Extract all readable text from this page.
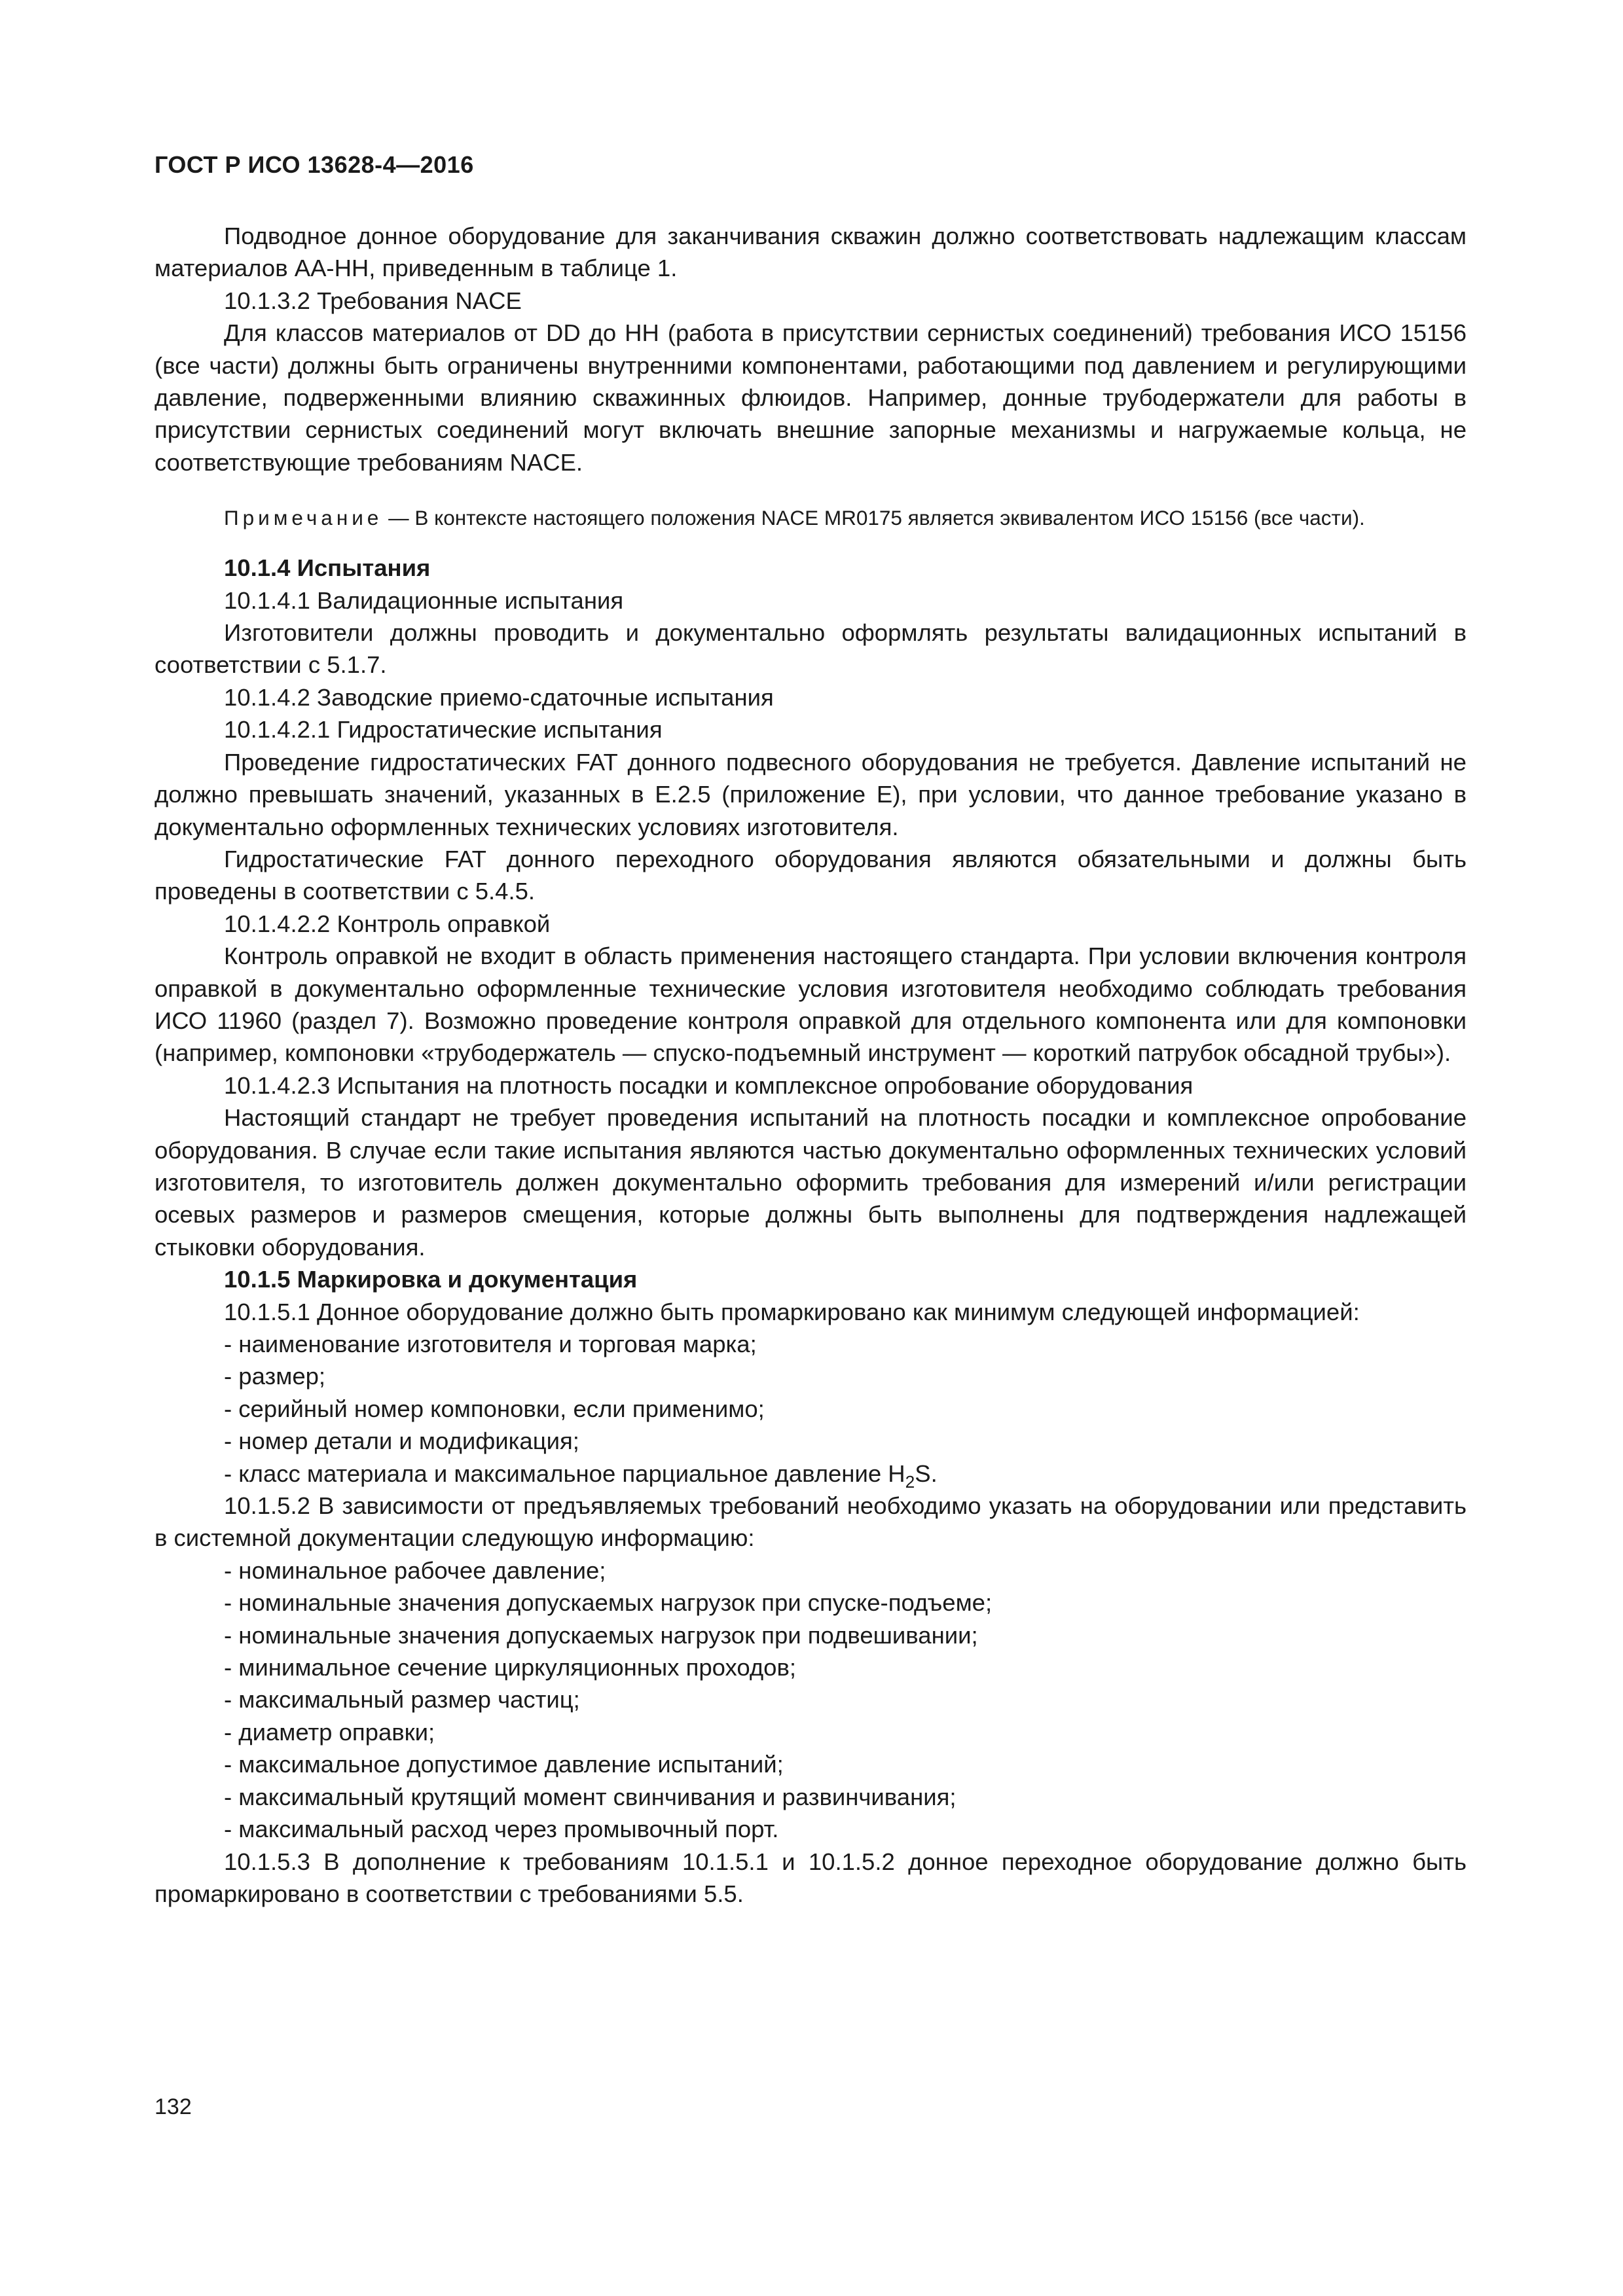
ГОСТ Р ИСО 13628-4—2016

Подводное донное оборудование для заканчивания скважин должно соответствовать надлежащим классам материалов АА-НН, приведенным в таблице 1.

10.1.3.2 Требования NACE

Для классов материалов от DD до НН (работа в присутствии сернистых соединений) требования ИСО 15156 (все части) должны быть ограничены внутренними компонентами, работающими под давлением и регулирующими давление, подверженными влиянию скважинных флюидов. Например, донные трубодержатели для работы в присутствии сернистых соединений могут включать внешние запорные механизмы и нагружаемые кольца, не соответствующие требованиям NACE.

Примечание — В контексте настоящего положения NACE MR0175 является эквивалентом ИСО 15156 (все части).

10.1.4 Испытания

10.1.4.1 Валидационные испытания

Изготовители должны проводить и документально оформлять результаты валидационных испытаний в соответствии с 5.1.7.

10.1.4.2 Заводские приемо-сдаточные испытания

10.1.4.2.1 Гидростатические испытания

Проведение гидростатических FAT донного подвесного оборудования не требуется. Давление испытаний не должно превышать значений, указанных в Е.2.5 (приложение Е), при условии, что данное требование указано в документально оформленных технических условиях изготовителя.

Гидростатические FAT донного переходного оборудования являются обязательными и должны быть проведены в соответствии с 5.4.5.

10.1.4.2.2 Контроль оправкой

Контроль оправкой не входит в область применения настоящего стандарта. При условии включения контроля оправкой в документально оформленные технические условия изготовителя необходимо соблюдать требования ИСО 11960 (раздел 7). Возможно проведение контроля оправкой для отдельного компонента или для компоновки (например, компоновки «трубодержатель — спуско-подъемный инструмент — короткий патрубок обсадной трубы»).

10.1.4.2.3 Испытания на плотность посадки и комплексное опробование оборудования

Настоящий стандарт не требует проведения испытаний на плотность посадки и комплексное опробование оборудования. В случае если такие испытания являются частью документально оформленных технических условий изготовителя, то изготовитель должен документально оформить требования для измерений и/или регистрации осевых размеров и размеров смещения, которые должны быть выполнены для подтверждения надлежащей стыковки оборудования.

10.1.5 Маркировка и документация

10.1.5.1 Донное оборудование должно быть промаркировано как минимум следующей информацией:

- наименование изготовителя и торговая марка;

- размер;

- серийный номер компоновки, если применимо;

- номер детали и модификация;

- класс материала и максимальное парциальное давление $H_2S$.

10.1.5.2 В зависимости от предъявляемых требований необходимо указать на оборудовании или представить в системной документации следующую информацию:

- номинальное рабочее давление;

- номинальные значения допускаемых нагрузок при спуске-подъеме;

- номинальные значения допускаемых нагрузок при подвешивании;

- минимальное сечение циркуляционных проходов;

- максимальный размер частиц;

- диаметр оправки;

- максимальное допустимое давление испытаний;

- максимальный крутящий момент свинчивания и развинчивания;

- максимальный расход через промывочный порт.

10.1.5.3 В дополнение к требованиям 10.1.5.1 и 10.1.5.2 донное переходное оборудование должно быть промаркировано в соответствии с требованиями 5.5.

132
